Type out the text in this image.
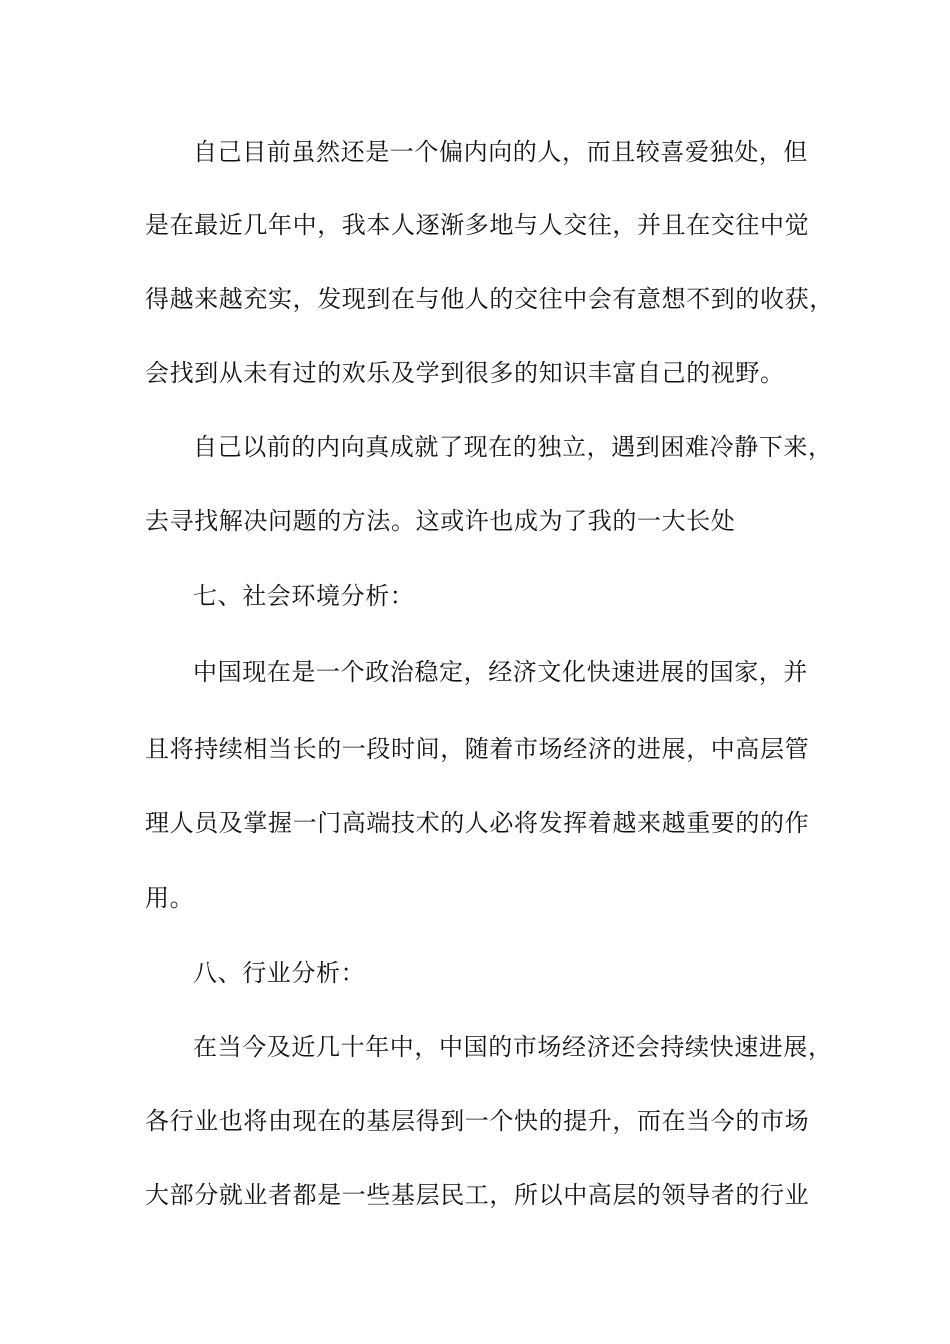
自己目前虽然还是一个偏内向的人，而且较喜爱独处，但
是在最近几年中，我本人逐渐多地与人交往，并且在交往中觉
得越来越充实，发现到在与他人的交往中会有意想不到的收获，
会找到从未有过的欢乐及学到很多的知识丰富自己的视野。
自己以前的内向真成就了现在的独立，遇到困难冷静下来，
去寻找解决问题的方法。这或许也成为了我的一大长处
七、社会环境分析：
中国现在是一个政治稳定，经济文化快速进展的国家，并
且将持续相当长的一段时间，随着市场经济的进展，中高层管
理人员及掌握一门高端技术的人必将发挥着越来越重要的的作
用。
八、行业分析：
在当今及近几十年中，中国的市场经济还会持续快速进展，
各行业也将由现在的基层得到一个快的提升，而在当今的市场
大部分就业者都是一些基层民工，所以中高层的领导者的行业
